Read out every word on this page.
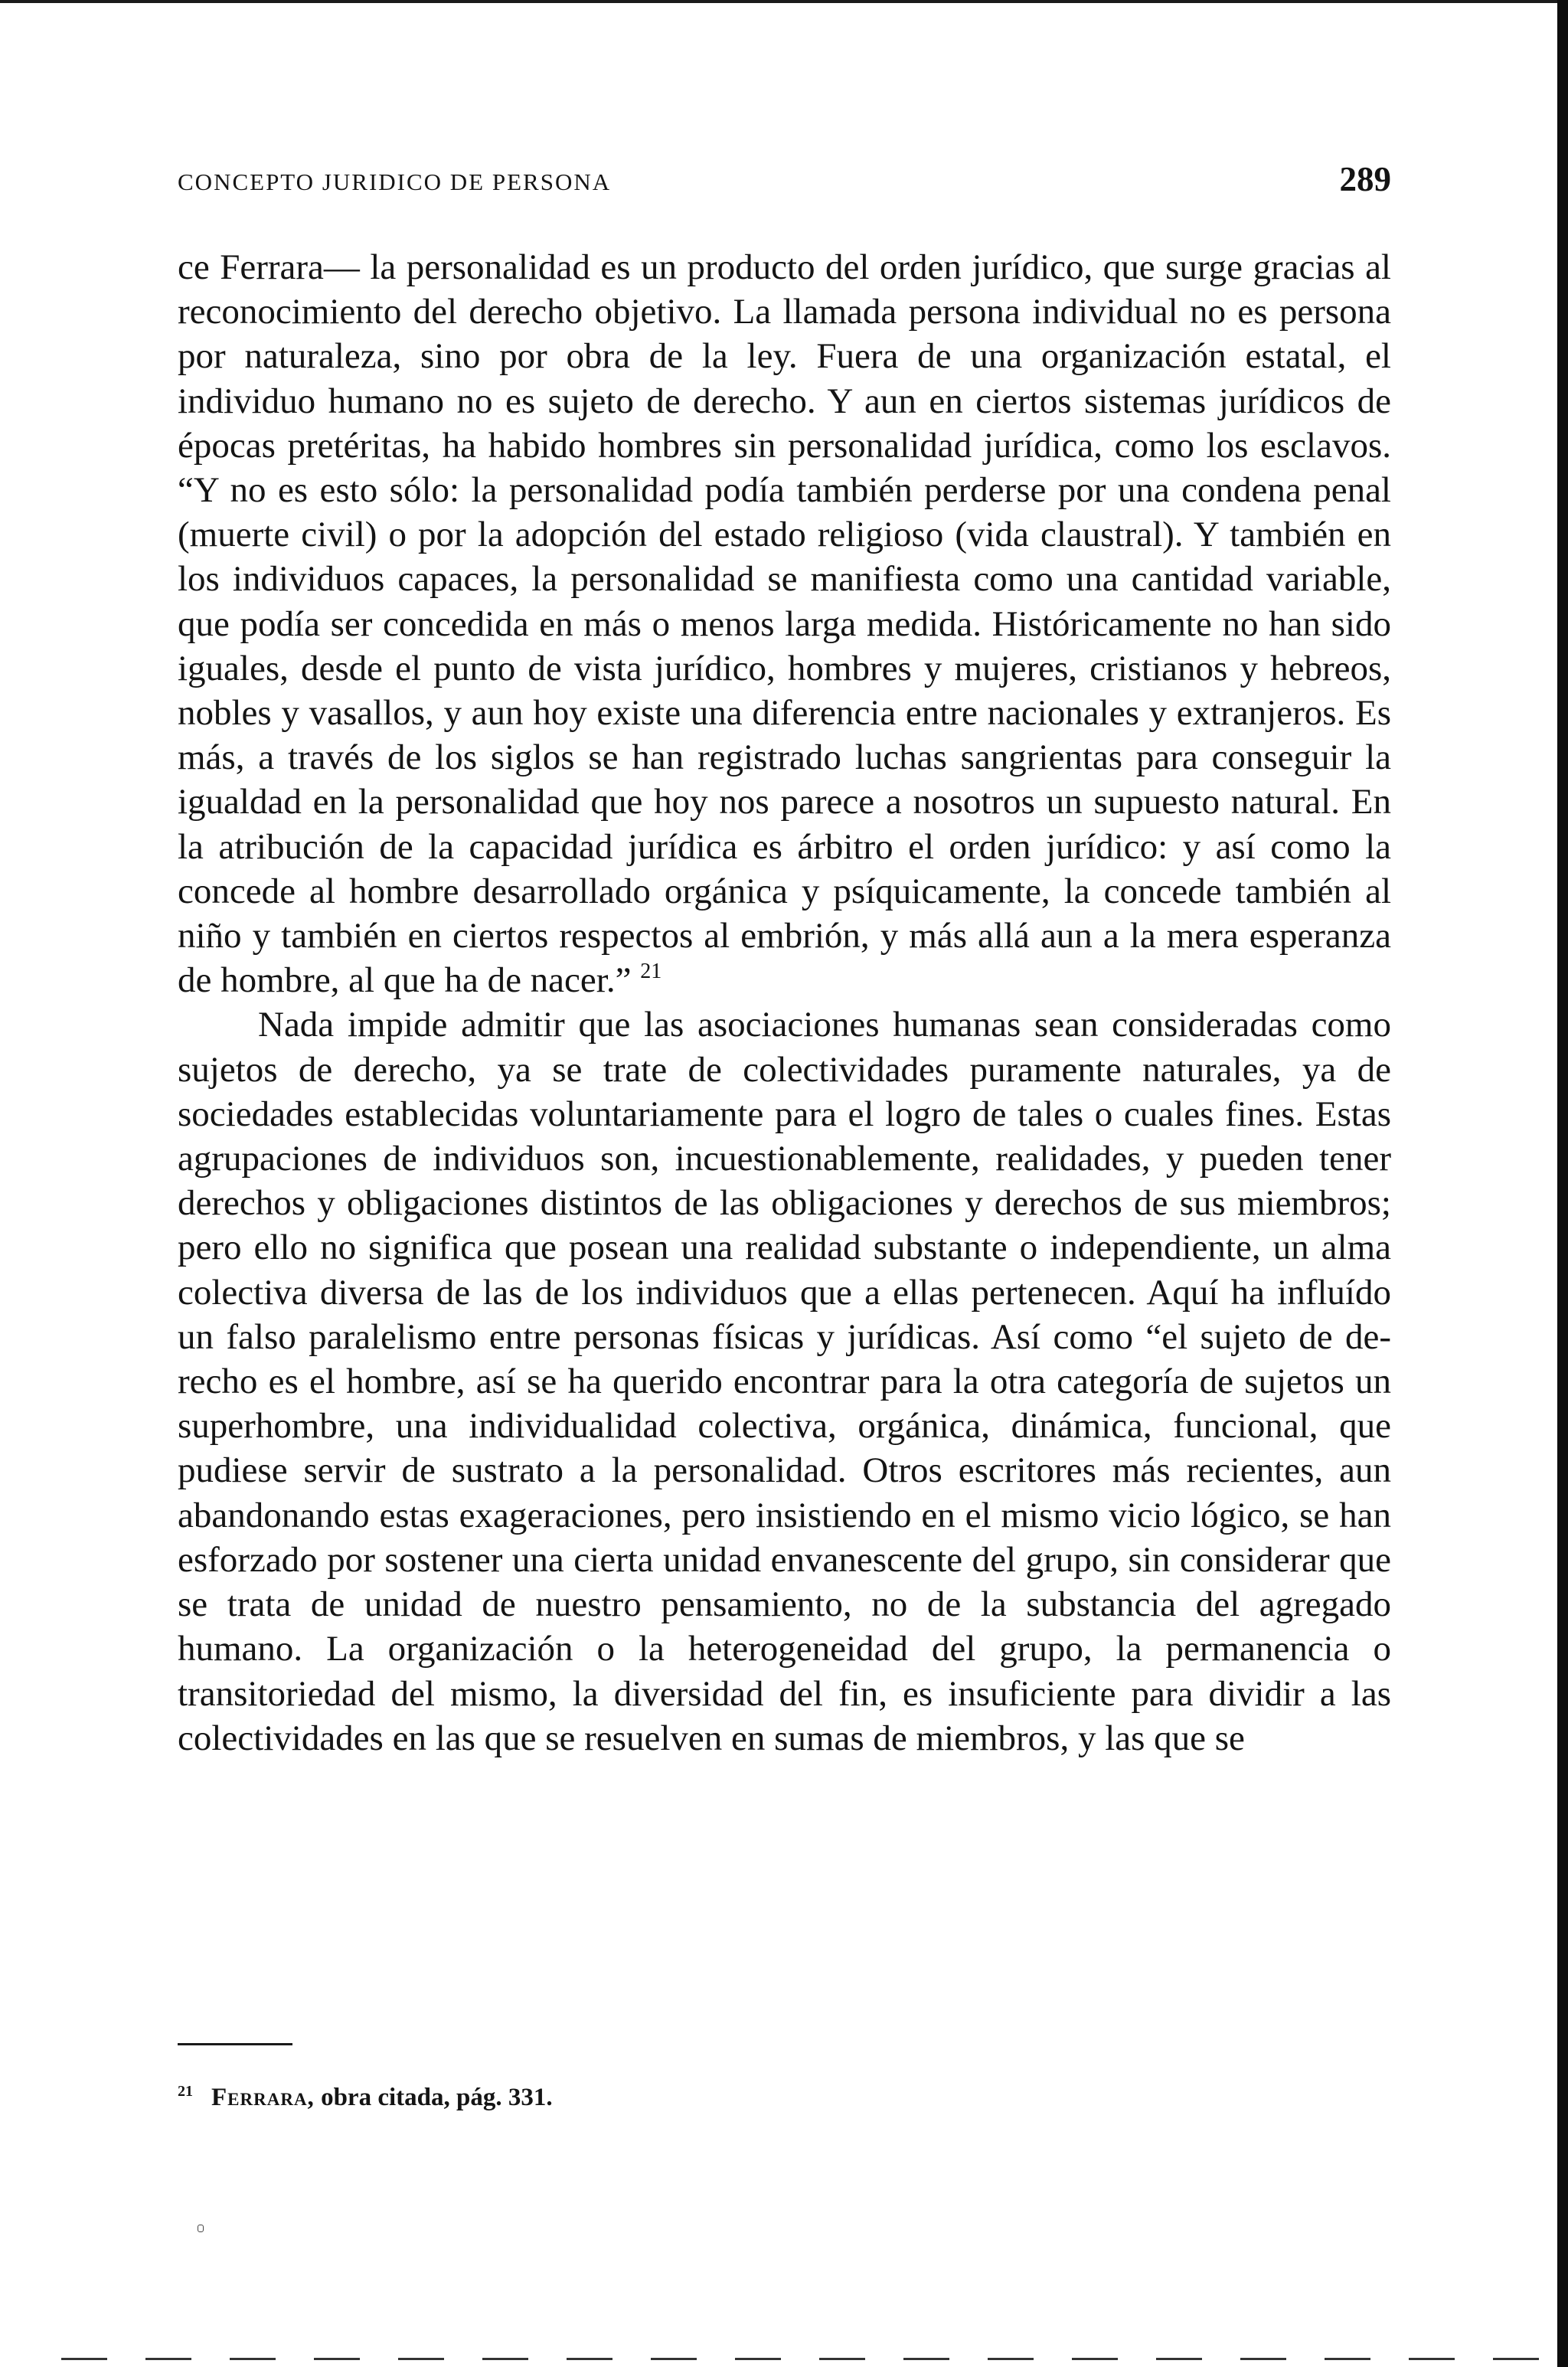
CONCEPTO JURIDICO DE PERSONA	289

ce Ferrara— la personalidad es un producto del orden jurídico, que surge gracias al reconocimiento del derecho objetivo. La llamada persona individual no es persona por naturaleza, sino por obra de la ley. Fuera de una organización estatal, el individuo humano no es sujeto de derecho. Y aun en ciertos sistemas jurídicos de épocas pretéritas, ha habido hombres sin personalidad jurídica, como los esclavos. “Y no es esto sólo: la personalidad podía también perderse por una condena penal (muerte civil) o por la adopción del estado religioso (vida claustral). Y también en los individuos capaces, la personalidad se manifiesta como una cantidad variable, que podía ser concedida en más o menos larga medida. Históricamente no han sido iguales, desde el punto de vista jurídico, hombres y mujeres, cristianos y hebreos, nobles y vasallos, y aun hoy existe una diferencia entre nacionales y extranjeros. Es más, a través de los siglos se han registrado luchas sangrientas para conseguir la igualdad en la personalidad que hoy nos parece a nosotros un supuesto natural. En la atribución de la capacidad jurídica es árbitro el orden jurídico: y así como la concede al hombre desarrollado orgánica y psíquicamente, la concede también al niño y también en ciertos respectos al embrión, y más allá aun a la mera esperanza de hombre, al que ha de nacer.” $^{21}$

Nada impide admitir que las asociaciones humanas sean consideradas como sujetos de derecho, ya se trate de colectividades puramente naturales, ya de sociedades establecidas voluntariamente para el logro de tales o cuales fines. Estas agrupaciones de individuos son, incuestionablemente, realidades, y pueden tener derechos y obligaciones distintos de las obligaciones y derechos de sus miembros; pero ello no significa que posean una realidad substante o independiente, un alma colectiva diversa de las de los individuos que a ellas pertenecen. Aquí ha influído un falso paralelismo entre personas físicas y jurídicas. Así como “el sujeto de derecho es el hombre, así se ha querido encontrar para la otra categoría de sujetos un superhombre, una individualidad colectiva, orgánica, dinámica, funcional, que pudiese servir de sustrato a la personalidad. Otros escritores más recientes, aun abandonando estas exageraciones, pero insistiendo en el mismo vicio lógico, se han esforzado por sostener una cierta unidad envanescente del grupo, sin considerar que se trata de unidad de nuestro pensamiento, no de la substancia del agregado humano. La organización o la heterogeneidad del grupo, la permanencia o transitoriedad del mismo, la diversidad del fin, es insuficiente para dividir a las colectividades en las que se resuelven en sumas de miembros, y las que se

$^{21}$ Ferrara, obra citada, pág. 331.
